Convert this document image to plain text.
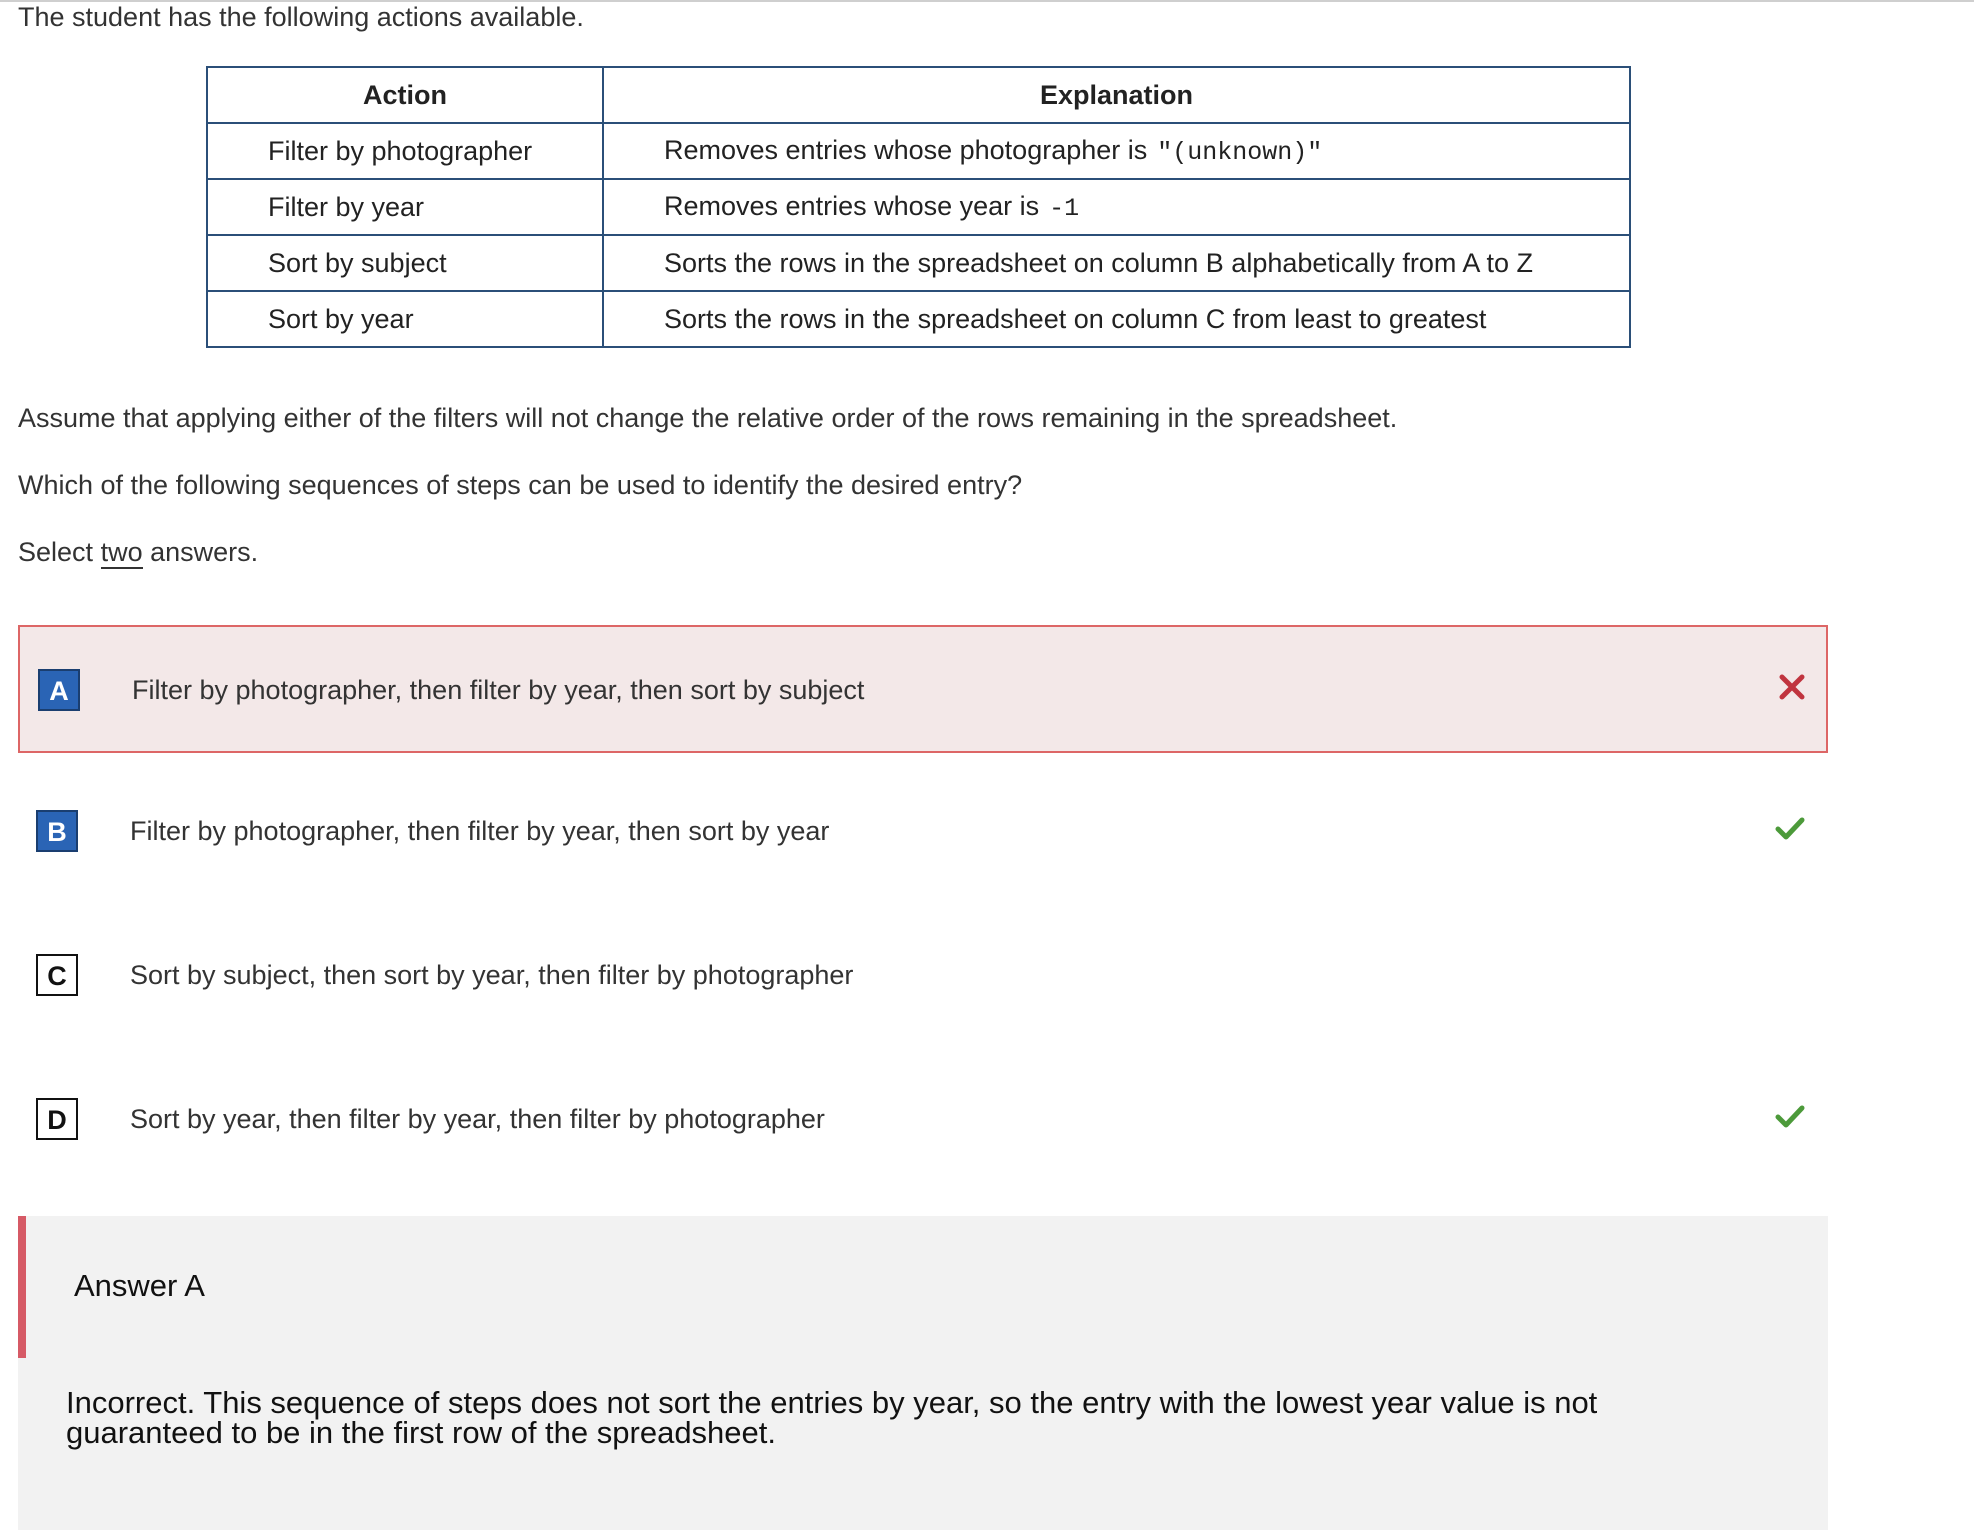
The student has the following actions available.
Action	Explanation
Filter by photographer	Removes entries whose photographer is "(unknown)"
Filter by year	Removes entries whose year is -1
Sort by subject	Sorts the rows in the spreadsheet on column B alphabetically from A to Z
Sort by year	Sorts the rows in the spreadsheet on column C from least to greatest
Assume that applying either of the filters will not change the relative order of the rows remaining in the spreadsheet.
Which of the following sequences of steps can be used to identify the desired entry?
Select two answers.
A	Filter by photographer, then filter by year, then sort by subject
B	Filter by photographer, then filter by year, then sort by year
C	Sort by subject, then sort by year, then filter by photographer
D	Sort by year, then filter by year, then filter by photographer
Answer A
Incorrect. This sequence of steps does not sort the entries by year, so the entry with the lowest year value is not guaranteed to be in the first row of the spreadsheet.
